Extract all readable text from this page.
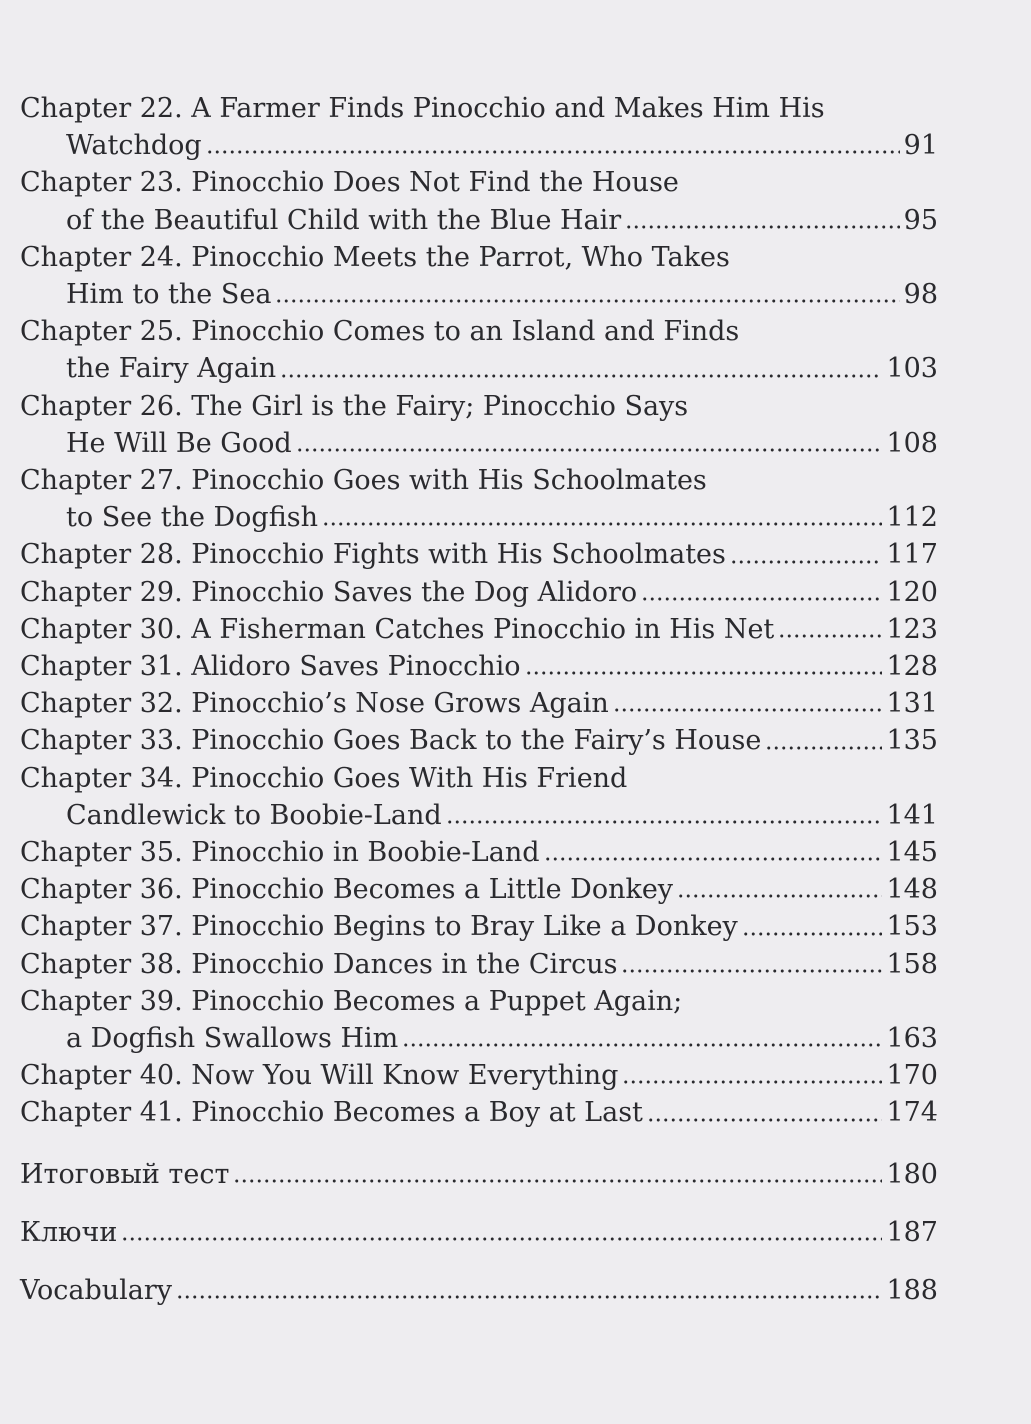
Chapter 22. A Farmer Finds Pinocchio and Makes Him His
Watchdog	91
Chapter 23. Pinocchio Does Not Find the House
of the Beautiful Child with the Blue Hair	95
Chapter 24. Pinocchio Meets the Parrot, Who Takes
Him to the Sea	98
Chapter 25. Pinocchio Comes to an Island and Finds
the Fairy Again	103
Chapter 26. The Girl is the Fairy; Pinocchio Says
He Will Be Good	108
Chapter 27. Pinocchio Goes with His Schoolmates
to See the Dogfish	112
Chapter 28. Pinocchio Fights with His Schoolmates	117
Chapter 29. Pinocchio Saves the Dog Alidoro	120
Chapter 30. A Fisherman Catches Pinocchio in His Net	123
Chapter 31. Alidoro Saves Pinocchio	128
Chapter 32. Pinocchio’s Nose Grows Again	131
Chapter 33. Pinocchio Goes Back to the Fairy’s House	135
Chapter 34. Pinocchio Goes With His Friend
Candlewick to Boobie-Land	141
Chapter 35. Pinocchio in Boobie-Land	145
Chapter 36. Pinocchio Becomes a Little Donkey	148
Chapter 37. Pinocchio Begins to Bray Like a Donkey	153
Chapter 38. Pinocchio Dances in the Circus	158
Chapter 39. Pinocchio Becomes a Puppet Again;
a Dogfish Swallows Him	163
Chapter 40. Now You Will Know Everything	170
Chapter 41. Pinocchio Becomes a Boy at Last	174
Итоговый тест	180
Ключи	187
Vocabulary	188
